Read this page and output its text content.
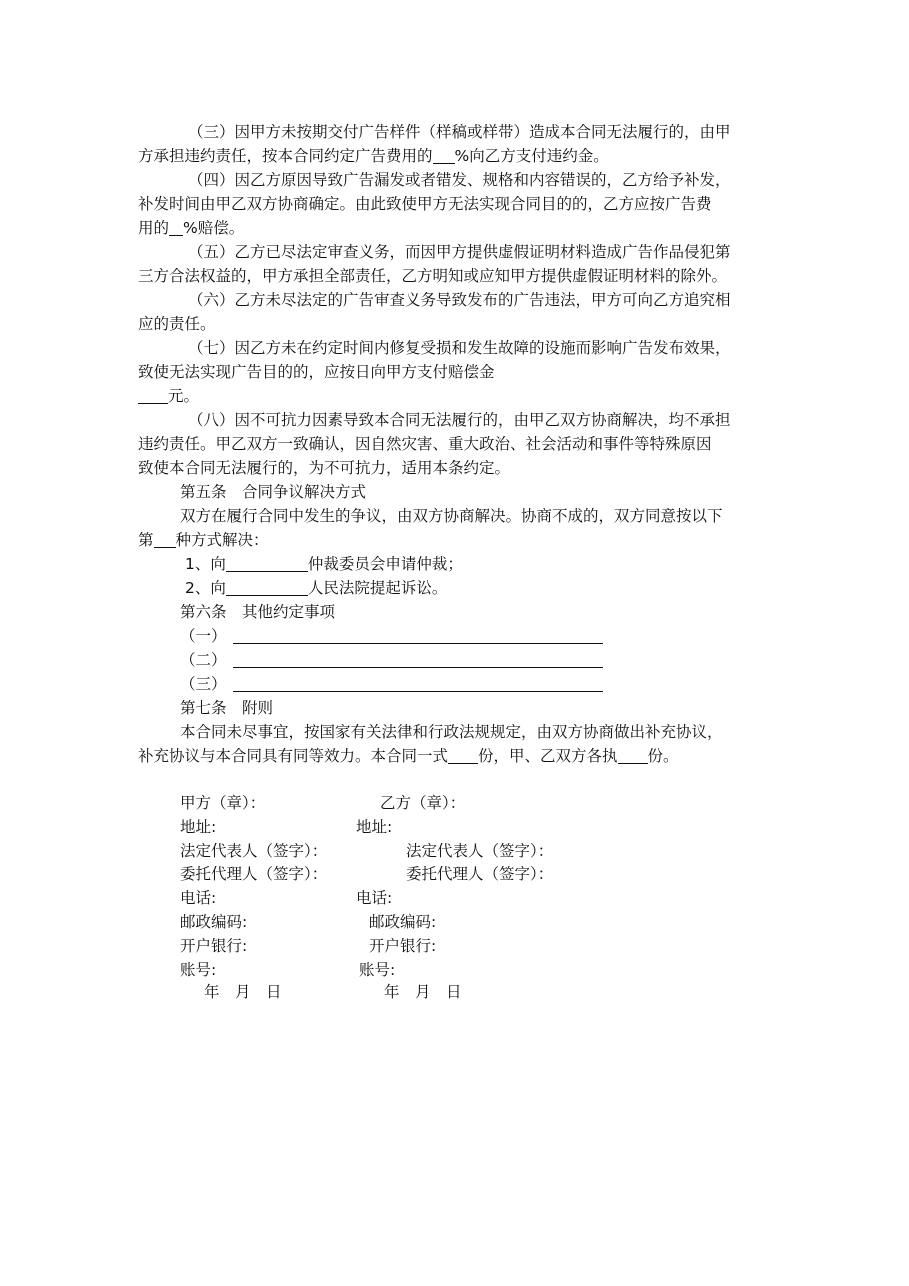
（三）因甲方未按期交付广告样件（样稿或样带）造成本合同无法履行的，由甲
方承担违约责任，按本合同约定广告费用的 %向乙方支付违约金。
（四）因乙方原因导致广告漏发或者错发、规格和内容错误的，乙方给予补发，
补发时间由甲乙双方协商确定。由此致使甲方无法实现合同目的的，乙方应按广告费
用的 %赔偿。
（五）乙方已尽法定审查义务，而因甲方提供虚假证明材料造成广告作品侵犯第
三方合法权益的，甲方承担全部责任，乙方明知或应知甲方提供虚假证明材料的除外。
（六）乙方未尽法定的广告审查义务导致发布的广告违法，甲方可向乙方追究相
应的责任。
（七）因乙方未在约定时间内修复受损和发生故障的设施而影响广告发布效果，
致使无法实现广告目的的，应按日向甲方支付赔偿金
元。
（八）因不可抗力因素导致本合同无法履行的，由甲乙双方协商解决，均不承担
违约责任。甲乙双方一致确认，因自然灾害、重大政治、社会活动和事件等特殊原因
致使本合同无法履行的，为不可抗力，适用本条约定。
第五条　合同争议解决方式
双方在履行合同中发生的争议，由双方协商解决。协商不成的，双方同意按以下
第 种方式解决：
1、向	仲裁委员会申请仲裁；
2、向	人民法院提起诉讼。
第六条　其他约定事项
（一）
（二）
（三）
第七条　附则
本合同未尽事宜，按国家有关法律和行政法规规定，由双方协商做出补充协议，
补充协议与本合同具有同等效力。本合同一式 份，甲、乙双方各执 份。
甲方（章）：	乙方（章）：
地址:	地址:
法定代表人（签字）：	法定代表人（签字）：
委托代理人（签字）：	委托代理人（签字）：
电话:	电话:
邮政编码:	邮政编码:
开户银行:	开户银行:
账号:	账号:
年　月　日	年　月　日
